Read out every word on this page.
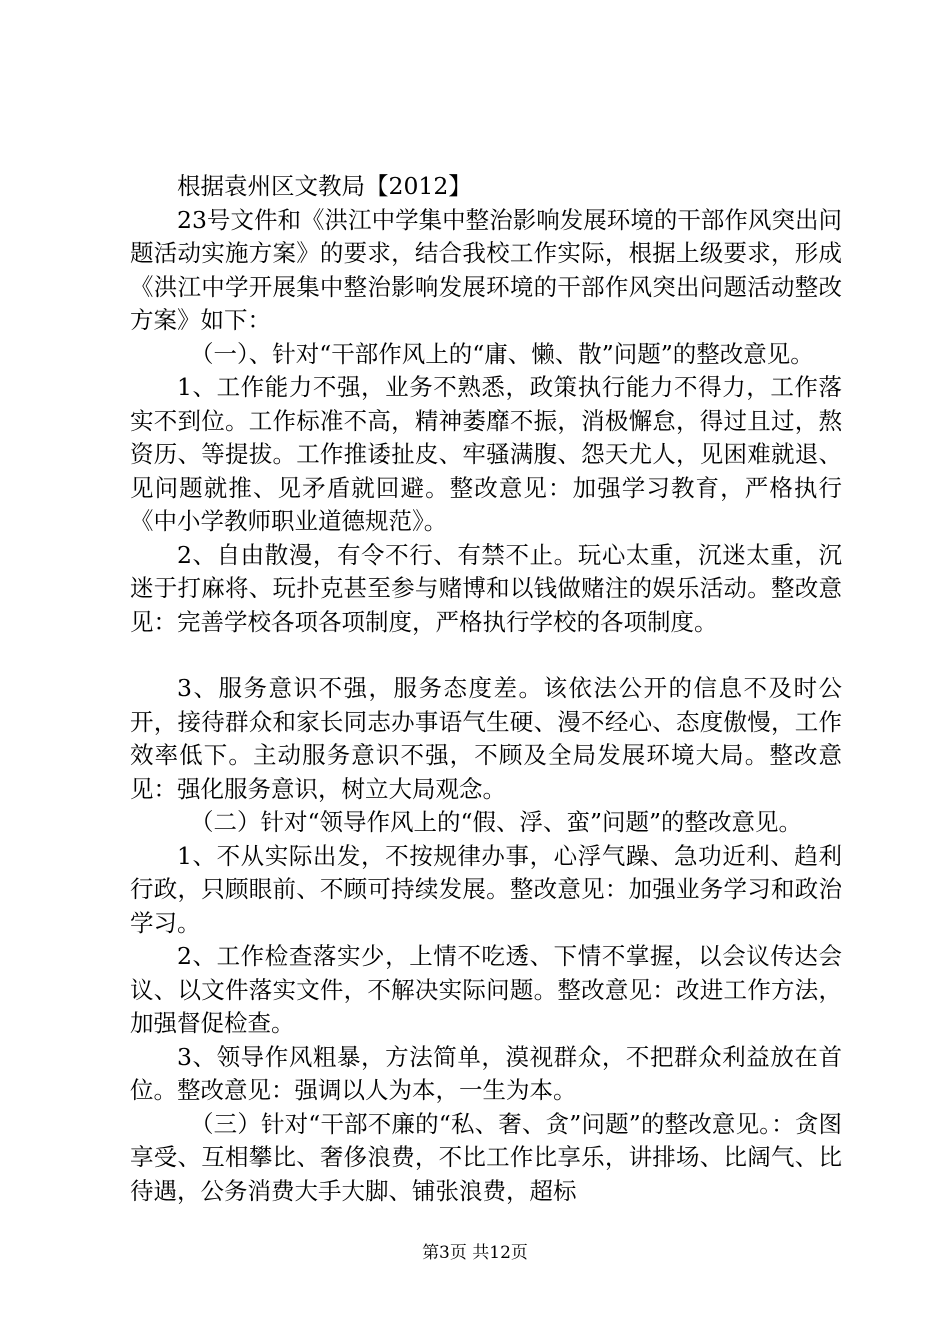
根据袁州区文教局【2012】

23号文件和《洪江中学集中整治影响发展环境的干部作风突出问题活动实施方案》的要求，结合我校工作实际，根据上级要求，形成《洪江中学开展集中整治影响发展环境的干部作风突出问题活动整改方案》如下：

（一）、针对“干部作风上的“庸、懒、散”问题”的整改意见。

1、工作能力不强，业务不熟悉，政策执行能力不得力，工作落实不到位。工作标准不高，精神萎靡不振，消极懈怠，得过且过，熬资历、等提拔。工作推诿扯皮、牢骚满腹、怨天尤人，见困难就退、见问题就推、见矛盾就回避。整改意见：加强学习教育，严格执行《中小学教师职业道德规范》。

2、自由散漫，有令不行、有禁不止。玩心太重，沉迷太重，沉迷于打麻将、玩扑克甚至参与赌博和以钱做赌注的娱乐活动。整改意见：完善学校各项各项制度，严格执行学校的各项制度。

3、服务意识不强，服务态度差。该依法公开的信息不及时公开，接待群众和家长同志办事语气生硬、漫不经心、态度傲慢，工作效率低下。主动服务意识不强，不顾及全局发展环境大局。整改意见：强化服务意识，树立大局观念。

（二）针对“领导作风上的“假、浮、蛮”问题”的整改意见。

1、不从实际出发，不按规律办事，心浮气躁、急功近利、趋利行政，只顾眼前、不顾可持续发展。整改意见：加强业务学习和政治学习。

2、工作检查落实少，上情不吃透、下情不掌握，以会议传达会议、以文件落实文件，不解决实际问题。整改意见：改进工作方法，加强督促检查。

3、领导作风粗暴，方法简单，漠视群众，不把群众利益放在首位。整改意见：强调以人为本，一生为本。

（三）针对“干部不廉的“私、奢、贪”问题”的整改意见。：贪图享受、互相攀比、奢侈浪费，不比工作比享乐，讲排场、比阔气、比待遇，公务消费大手大脚、铺张浪费，超标

第3页 共12页
